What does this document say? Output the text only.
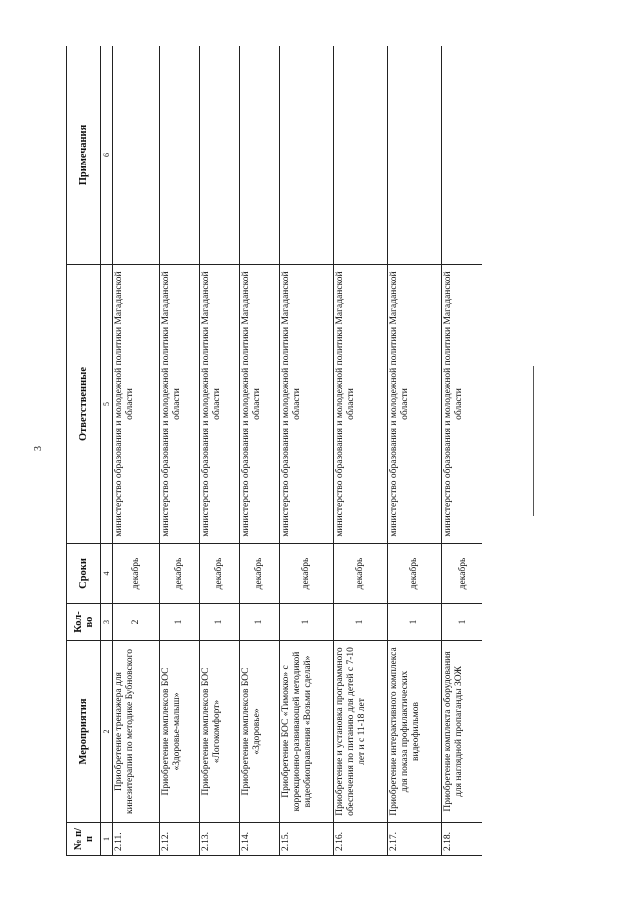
3
№ п/п	Мероприятия	Кол-во	Сроки	Ответственные	Примечания
1	2	3	4	5	6
2.11.	Приобретение тренажера для кинезитерапии по методике Бубновского	2	декабрь	министерство образования и молодежной политики Магаданской области	
2.12.	Приобретение комплексов БОС «Здоровье-малыш»	1	декабрь	министерство образования и молодежной политики Магаданской области	
2.13.	Приобретение комплексов БОС «Логокомфорт»	1	декабрь	министерство образования и молодежной политики Магаданской области	
2.14.	Приобретение комплексов БОС «Здоровье»	1	декабрь	министерство образования и молодежной политики Магаданской области	
2.15.	Приобретение БОС «Тимокко» с коррекционно-развивающей методикой видеобиоправления «Возьми сделай»	1	декабрь	министерство образования и молодежной политики Магаданской области	
2.16.	Приобретение и установка программного обеспечения по питанию для детей с 7-10 лет и с 11-18 лет	1	декабрь	министерство образования и молодежной политики Магаданской области	
2.17.	Приобретение интерактивного комплекса для показа профилактических видеофильмов	1	декабрь	министерство образования и молодежной политики Магаданской области	
2.18.	Приобретение комплекта оборудования для наглядной пропаганды ЗОЖ	1	декабрь	министерство образования и молодежной политики Магаданской области	
